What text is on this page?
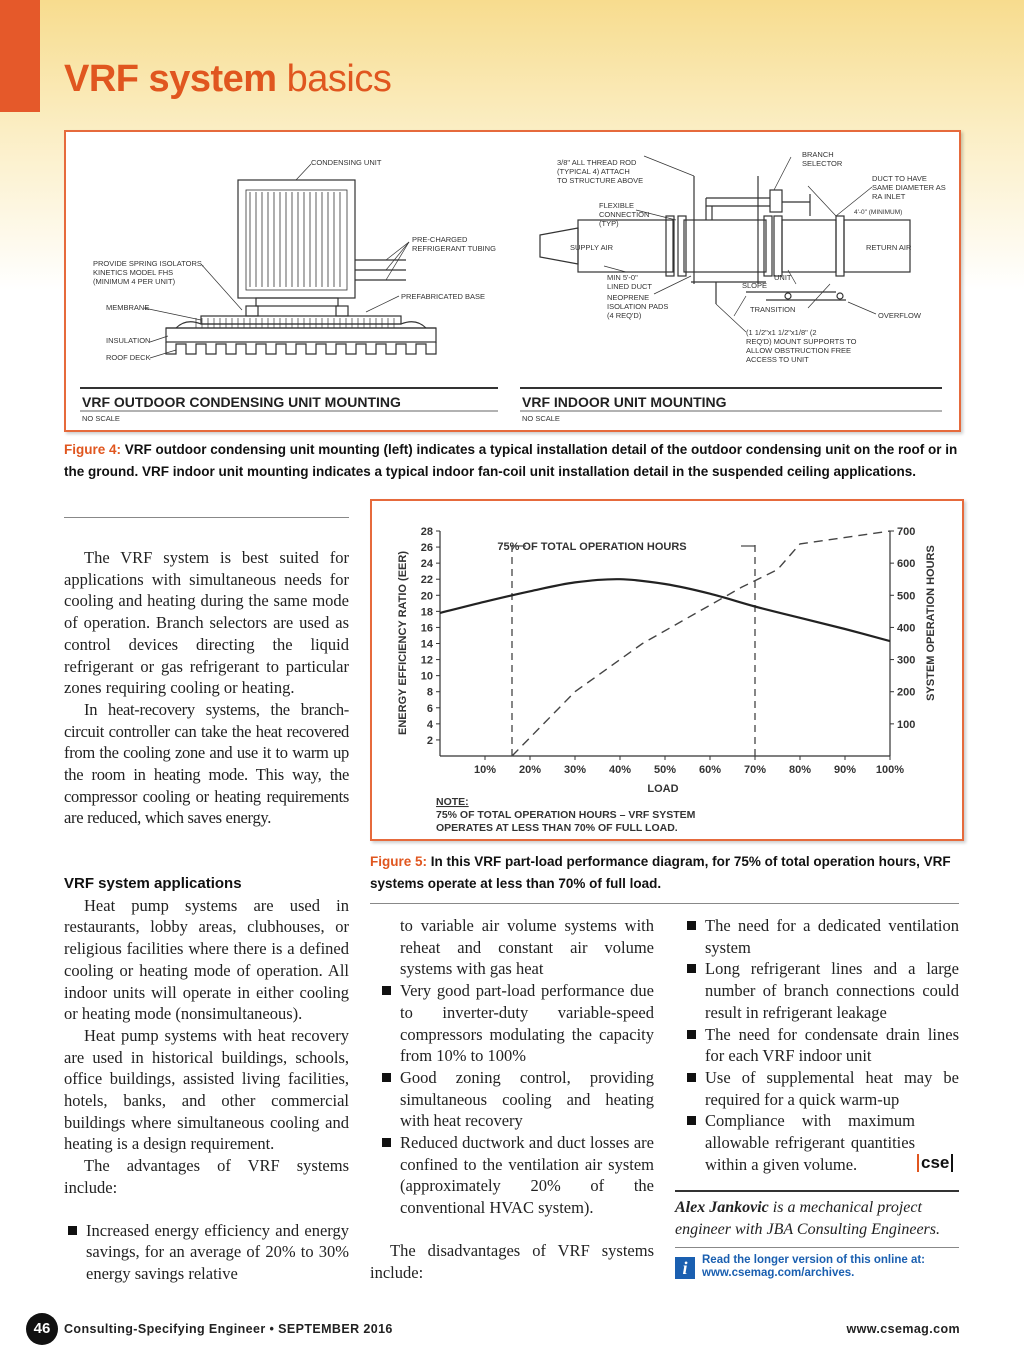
VRF system basics
CONDENSING UNIT
PROVIDE SPRING ISOLATORS,
KINETICS MODEL FHS
(MINIMUM 4 PER UNIT)
MEMBRANE
INSULATION
ROOF DECK
PRE-CHARGED
REFRIGERANT TUBING
PREFABRICATED BASE
3/8" ALL THREAD ROD
(TYPICAL 4) ATTACH
TO STRUCTURE ABOVE
FLEXIBLE
CONNECTION
(TYP)
SUPPLY AIR
MIN 5'-0"
LINED DUCT
NEOPRENE
ISOLATION PADS
(4 REQ'D)
BRANCH
SELECTOR
DUCT TO HAVE
SAME DIAMETER AS
RA INLET
4'-0" (MINIMUM)
RETURN AIR
UNIT
SLOPE
TRANSITION
OVERFLOW
(1 1/2"x1 1/2"x1/8" (2
REQ'D) MOUNT SUPPORTS TO
ALLOW OBSTRUCTION FREE
ACCESS TO UNIT
VRF OUTDOOR CONDENSING UNIT MOUNTING
NO SCALE
VRF INDOOR UNIT MOUNTING
NO SCALE
Figure 4: VRF outdoor condensing unit mounting (left) indicates a typical installation detail of the outdoor condensing unit on the roof or in the ground. VRF indoor unit mounting indicates a typical indoor fan-coil unit installation detail in the suspended ceiling applications.
ENERGY EFFICIENCY RATIO (EER)	SYSTEM OPERATION HOURS
LOAD
75% OF TOTAL OPERATION HOURS
NOTE:
75% OF TOTAL OPERATION HOURS – VRF SYSTEM
OPERATES AT LESS THAN 70% OF FULL LOAD.
2
4
6
8
10
12
14
16
18
20
22
24
26
28
100
200
300
400
500
600
700
10% 20% 30% 40% 50% 60% 70% 80% 90% 100%
Figure 5: In this VRF part-load performance diagram, for 75% of total operation hours, VRF systems operate at less than 70% of full load.

The VRF system is best suited for applications with simultaneous needs for cooling and heating during the same mode of operation. Branch selectors are used as control devices directing the liquid refrigerant or gas refrigerant to particular zones requiring cooling or heating.

In heat-recovery systems, the branch-circuit controller can take the heat recovered from the cooling zone and use it to warm up the room in heating mode. This way, the compressor cooling or heating requirements are reduced, which saves energy.

VRF system applications

Heat pump systems are used in restaurants, lobby areas, clubhouses, or religious facilities where there is a defined cooling or heating mode of operation. All indoor units will operate in either cooling or heating mode (nonsimultaneous).

Heat pump systems with heat recovery are used in historical buildings, schools, office buildings, assisted living facilities, hotels, banks, and other commercial buildings where simultaneous cooling and heating is a design requirement.

The advantages of VRF systems include:

Increased energy efficiency and energy savings, for an average of 20% to 30% energy savings relative

to variable air volume systems with reheat and constant air volume systems with gas heat

Very good part-load performance due to inverter-duty variable-speed compressors modulating the capacity from 10% to 100%

Good zoning control, providing simultaneous cooling and heating with heat recovery

Reduced ductwork and duct losses are confined to the ventilation air system (approximately 20% of the conventional HVAC system).

The disadvantages of VRF systems include:

The need for a dedicated ventilation system

Long refrigerant lines and a large number of branch connections could result in refrigerant leakage

The need for condensate drain lines for each VRF indoor unit

Use of supplemental heat may be required for a quick warm-up

Compliance with maximum allowable refrigerant quantities within a given volume.	cse
Alex Jankovic is a mechanical project engineer with JBA Consulting Engineers.
i	Read the longer version of this online at:
www.csemag.com/archives.
46	Consulting-Specifying Engineer • SEPTEMBER 2016	www.csemag.com
